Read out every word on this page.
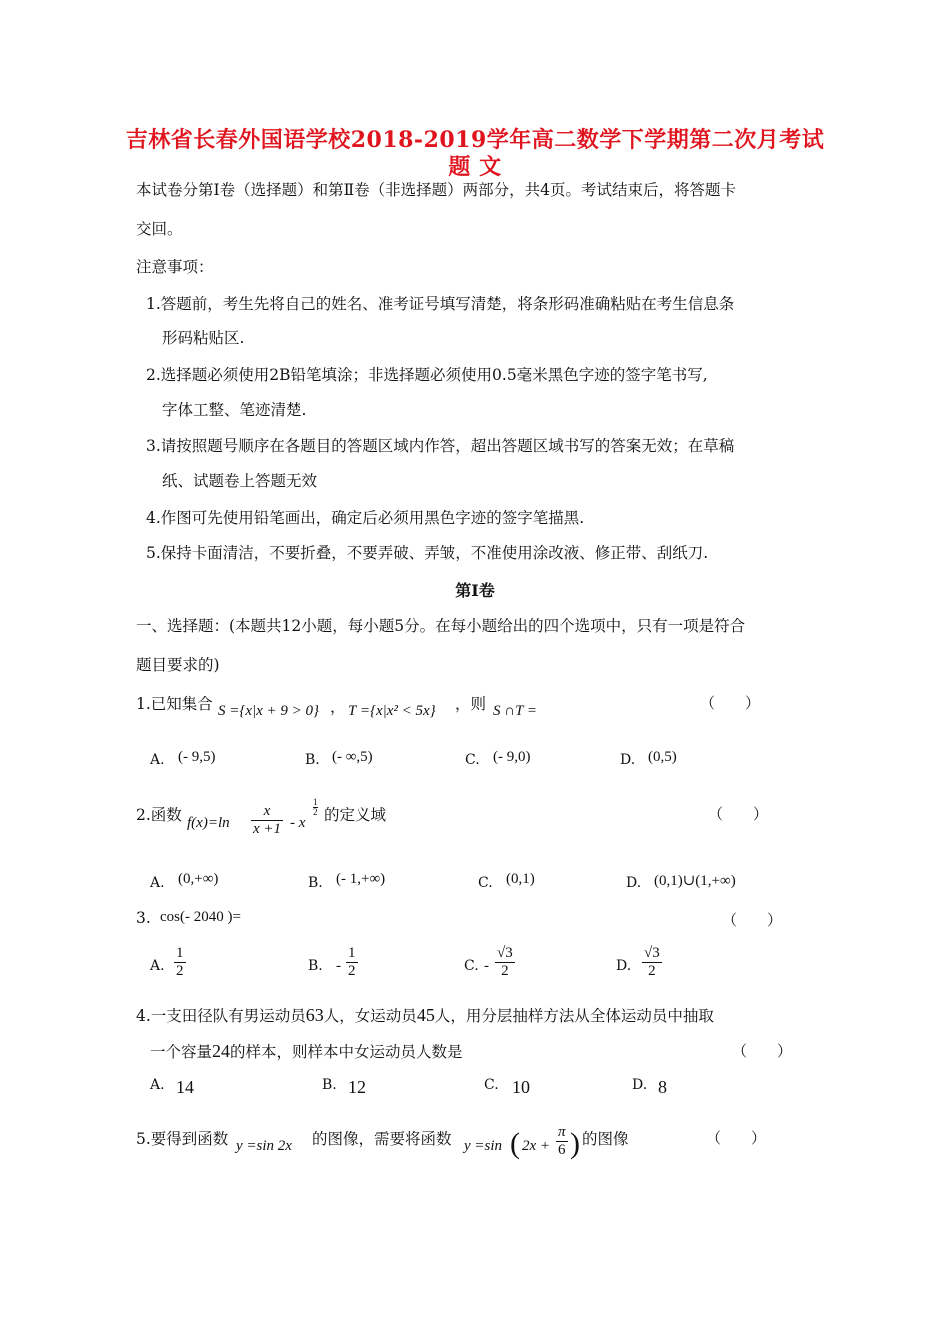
吉林省长春外国语学校2018-2019学年高二数学下学期第二次月考试
题 文
本试卷分第Ⅰ卷（选择题）和第Ⅱ卷（非选择题）两部分，共4页。考试结束后，将答题卡
交回。
注意事项：
1.答题前，考生先将自己的姓名、准考证号填写清楚，将条形码准确粘贴在考生信息条
形码粘贴区.
2.选择题必须使用2B铅笔填涂；非选择题必须使用0.5毫米黑色字迹的签字笔书写,
字体工整、笔迹清楚.
3.请按照题号顺序在各题目的答题区域内作答，超出答题区域书写的答案无效；在草稿
纸、试题卷上答题无效
4.作图可先使用铅笔画出，确定后必须用黑色字迹的签字笔描黑.
5.保持卡面清洁，不要折叠，不要弄破、弄皱，不准使用涂改液、修正带、刮纸刀.
第Ⅰ卷
一、选择题：(本题共12小题，每小题5分。在每小题给出的四个选项中，只有一项是符合
题目要求的)
1.已知集合 S ={x|x + 9 > 0} ， T ={x|x² < 5x} ，则 S ∩T =	（　　）
A. (- 9,5)	B. (- ∞,5)	C. (- 9,0)	D. (0,5)
2.函数 $f(x)=\ln \frac{x}{x +1} - x$
$\frac{1}{2}$ 的定义域	（　　）
A. (0,+∞)	B. (- 1,+∞)	C. (0,1)	D. (0,1)∪(1,+∞)
3. cos(- 2040 )=	（　　）
A. $\frac{1}{2}$	B. - $\frac{1}{2}$	C. - $\frac{√3}{2}$	D. $\frac{√3}{2}$
4.一支田径队有男运动员63人，女运动员45人，用分层抽样方法从全体运动员中抽取
一个容量24的样本，则样本中女运动员人数是	（　　）
A. 14	B. 12	C. 10	D. 8
5.要得到函数 y =sin 2x 的图像，需要将函数 y =sin ( $2x + \frac{\pi}{6}$ ) 的图像	（　　）
